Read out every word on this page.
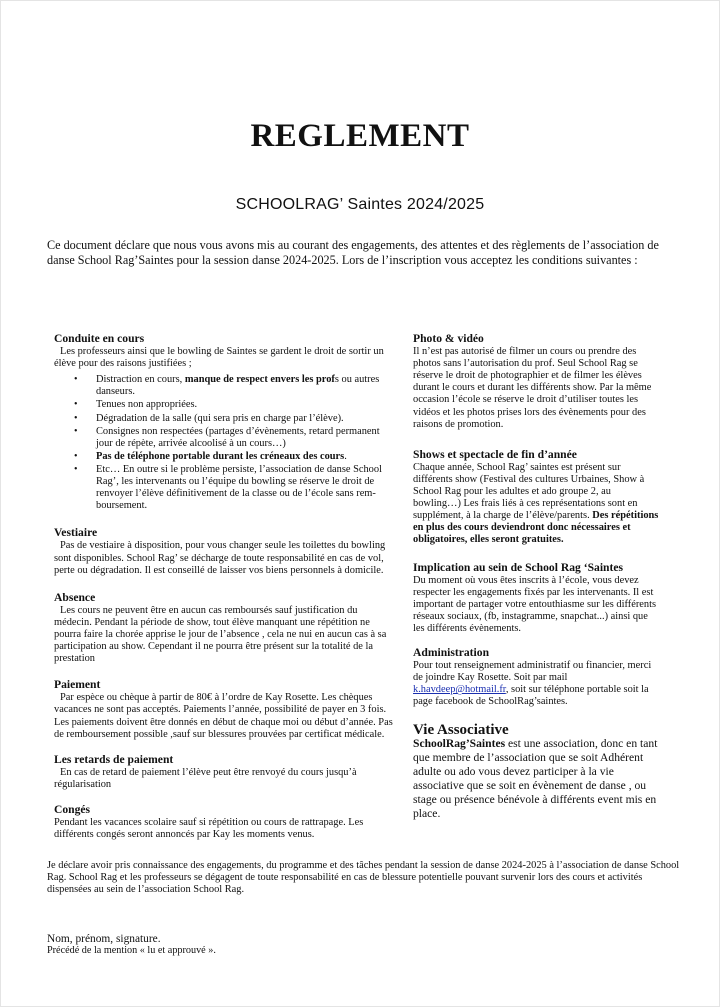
REGLEMENT
SCHOOLRAG’ Saintes 2024/2025
Ce document déclare que nous vous avons mis au courant des engagements, des attentes et des règlements de l’association de danse School Rag’Saintes pour la session danse 2024-2025. Lors de l’inscription vous acceptez les conditions suivantes :
Conduite en cours

Les professeurs ainsi que le bowling de Saintes se gardent le droit de sortir un élève pour des raisons justifiées ;

• Distraction en cours, manque de respect envers les profs ou autres danseurs.
• Tenues non appropriées.
• Dégradation de la salle (qui sera pris en charge par l’élève).
• Consignes non respectées (partages d’évènements, retard permanent jour de répète, arrivée alcoolisé à un cours…)
• Pas de téléphone portable durant les créneaux des cours.
• Etc… En outre si le problème persiste, l’association de danse School Rag’, les intervenants ou l’équipe du bowling se réserve le droit de renvoyer l’élève définitivement de la classe ou de l’école sans rem-boursement.
Vestiaire

Pas de vestiaire à disposition, pour vous changer seule les toilettes du bowling sont disponibles. School Rag’ se décharge de toute responsabilité en cas de vol, perte ou dégradation. Il est conseillé de laisser vos biens personnels à domicile.

Absence

Les cours ne peuvent être en aucun cas remboursés sauf justification du médecin. Pendant la période de show, tout élève manquant une répétition ne pourra faire la chorée apprise le jour de l’absence , cela ne nui en aucun cas à sa participation au show. Cependant il ne pourra être présent sur la totalité de la prestation

Paiement

Par espèce ou chèque à partir de 80€ à l’ordre de Kay Rosette. Les chèques vacances ne sont pas acceptés. Paiements l’année, possibilité de payer en 3 fois. Les paiements doivent être donnés en début de chaque moi ou début d’année. Pas de remboursement possible ,sauf sur blessures prouvées par certificat médicale.

Les retards de paiement

En cas de retard de paiement l’élève peut être renvoyé du cours jusqu’à régularisation

Congés

Pendant les vacances scolaire sauf si répétition ou cours de rattrapage. Les différents congés seront annoncés par Kay les moments venus.

Photo & vidéo

Il n’est pas autorisé de filmer un cours ou prendre des photos sans l’autorisation du prof. Seul School Rag se réserve le droit de photographier et de filmer les élèves durant le cours et durant les différents show. Par la même occasion l’école se réserve le droit d’utiliser toutes les vidéos et les photos prises lors des évènements pour des raisons de promotion.

Shows et spectacle de fin d’année

Chaque année, School Rag’ saintes est présent sur différents show (Festival des cultures Urbaines, Show à School Rag pour les adultes et ado groupe 2, au bowling…) Les frais liés à ces représentations sont en supplément, à la charge de l’élève/parents. Des répétitions en plus des cours deviendront donc nécessaires et obligatoires, elles seront gratuites.

Implication au sein de School Rag ‘Saintes

Du moment où vous êtes inscrits à l’école, vous devez respecter les engagements fixés par les intervenants. Il est important de partager votre entouthiasme sur les différents réseaux sociaux, (fb, instagramme, snapchat...) ainsi que les différents évènements.

Administration

Pour tout renseignement administratif ou financier, merci de joindre Kay Rosette. Soit par mail k.havdeep@hotmail.fr, soit sur téléphone portable soit la page facebook de SchoolRag’saintes.

Vie Associative

SchoolRag’Saintes est une association, donc en tant que membre de l’association que se soit Adhérent adulte ou ado vous devez participer à la vie associative que se soit en évènement de danse , ou stage ou présence bénévole à différents event mis en place.

Je déclare avoir pris connaissance des engagements, du programme et des tâches pendant la session de danse 2024-2025 à l’association de danse School Rag. School Rag et les professeurs se dégagent de toute responsabilité en cas de blessure potentielle pouvant survenir lors des cours et activités dispensées au sein de l’association School Rag.
Nom, prénom, signature.
Précédé de la mention « lu et approuvé ».
